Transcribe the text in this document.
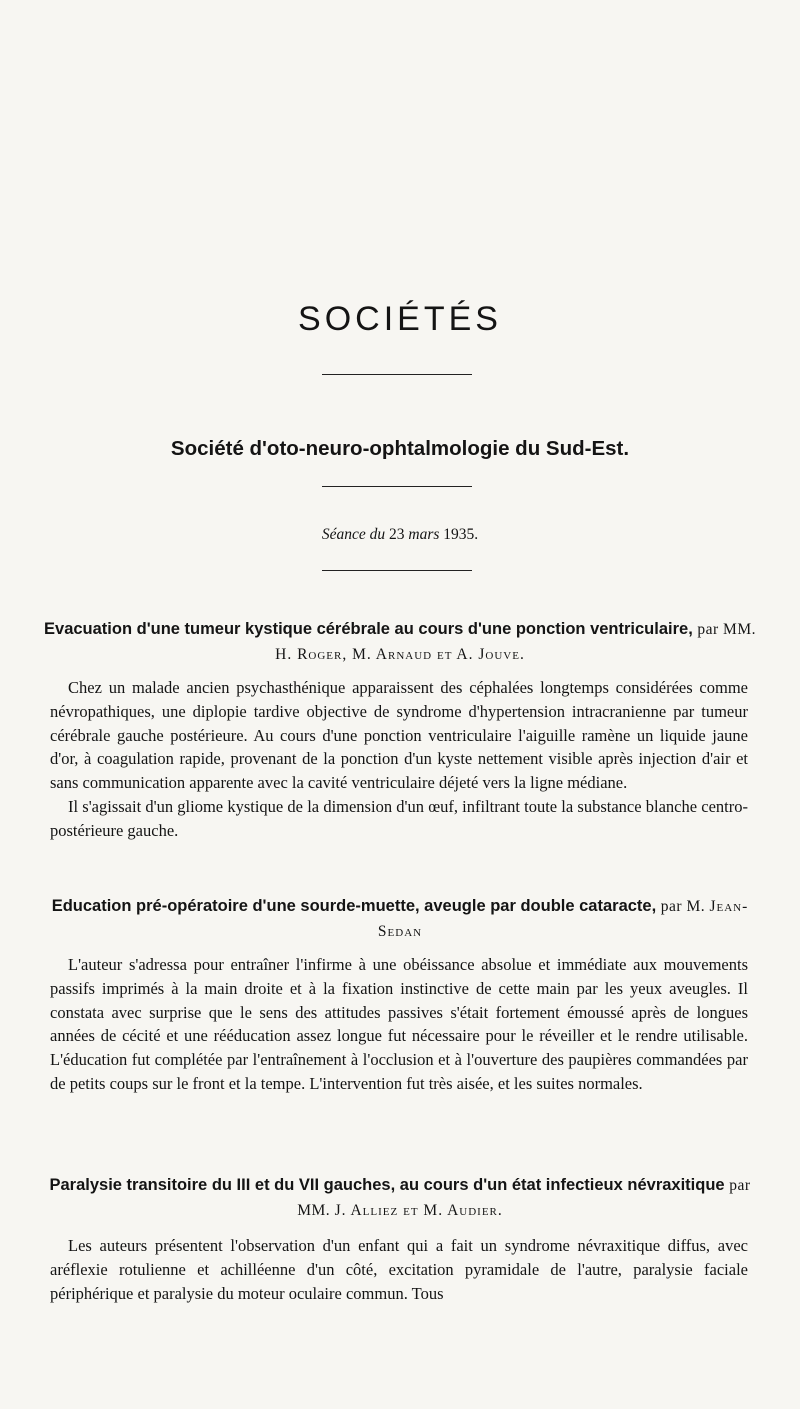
SOCIÉTÉS
Société d'oto-neuro-ophtalmologie du Sud-Est.
Séance du 23 mars 1935.
Evacuation d'une tumeur kystique cérébrale au cours d'une ponction ventriculaire, par MM. H. Roger, M. Arnaud et A. Jouve.

Chez un malade ancien psychasthénique apparaissent des céphalées longtemps considérées comme névropathiques, une diplopie tardive objective de syndrome d'hypertension intracranienne par tumeur cérébrale gauche postérieure. Au cours d'une ponction ventriculaire l'aiguille ramène un liquide jaune d'or, à coagulation rapide, provenant de la ponction d'un kyste nettement visible après injection d'air et sans communication apparente avec la cavité ventriculaire déjeté vers la ligne médiane.

Il s'agissait d'un gliome kystique de la dimension d'un œuf, infiltrant toute la substance blanche centro-postérieure gauche.

Education pré-opératoire d'une sourde-muette, aveugle par double cataracte, par M. Jean-Sedan

L'auteur s'adressa pour entraîner l'infirme à une obéissance absolue et immédiate aux mouvements passifs imprimés à la main droite et à la fixation instinctive de cette main par les yeux aveugles. Il constata avec surprise que le sens des attitudes passives s'était fortement émoussé après de longues années de cécité et une rééducation assez longue fut nécessaire pour le réveiller et le rendre utilisable. L'éducation fut complétée par l'entraînement à l'occlusion et à l'ouverture des paupières commandées par de petits coups sur le front et la tempe. L'intervention fut très aisée, et les suites normales.

Paralysie transitoire du III et du VII gauches, au cours d'un état infectieux névraxitique par MM. J. Alliez et M. Audier.

Les auteurs présentent l'observation d'un enfant qui a fait un syndrome névraxitique diffus, avec aréflexie rotulienne et achilléenne d'un côté, excitation pyramidale de l'autre, paralysie faciale périphérique et paralysie du moteur oculaire commun. Tous
